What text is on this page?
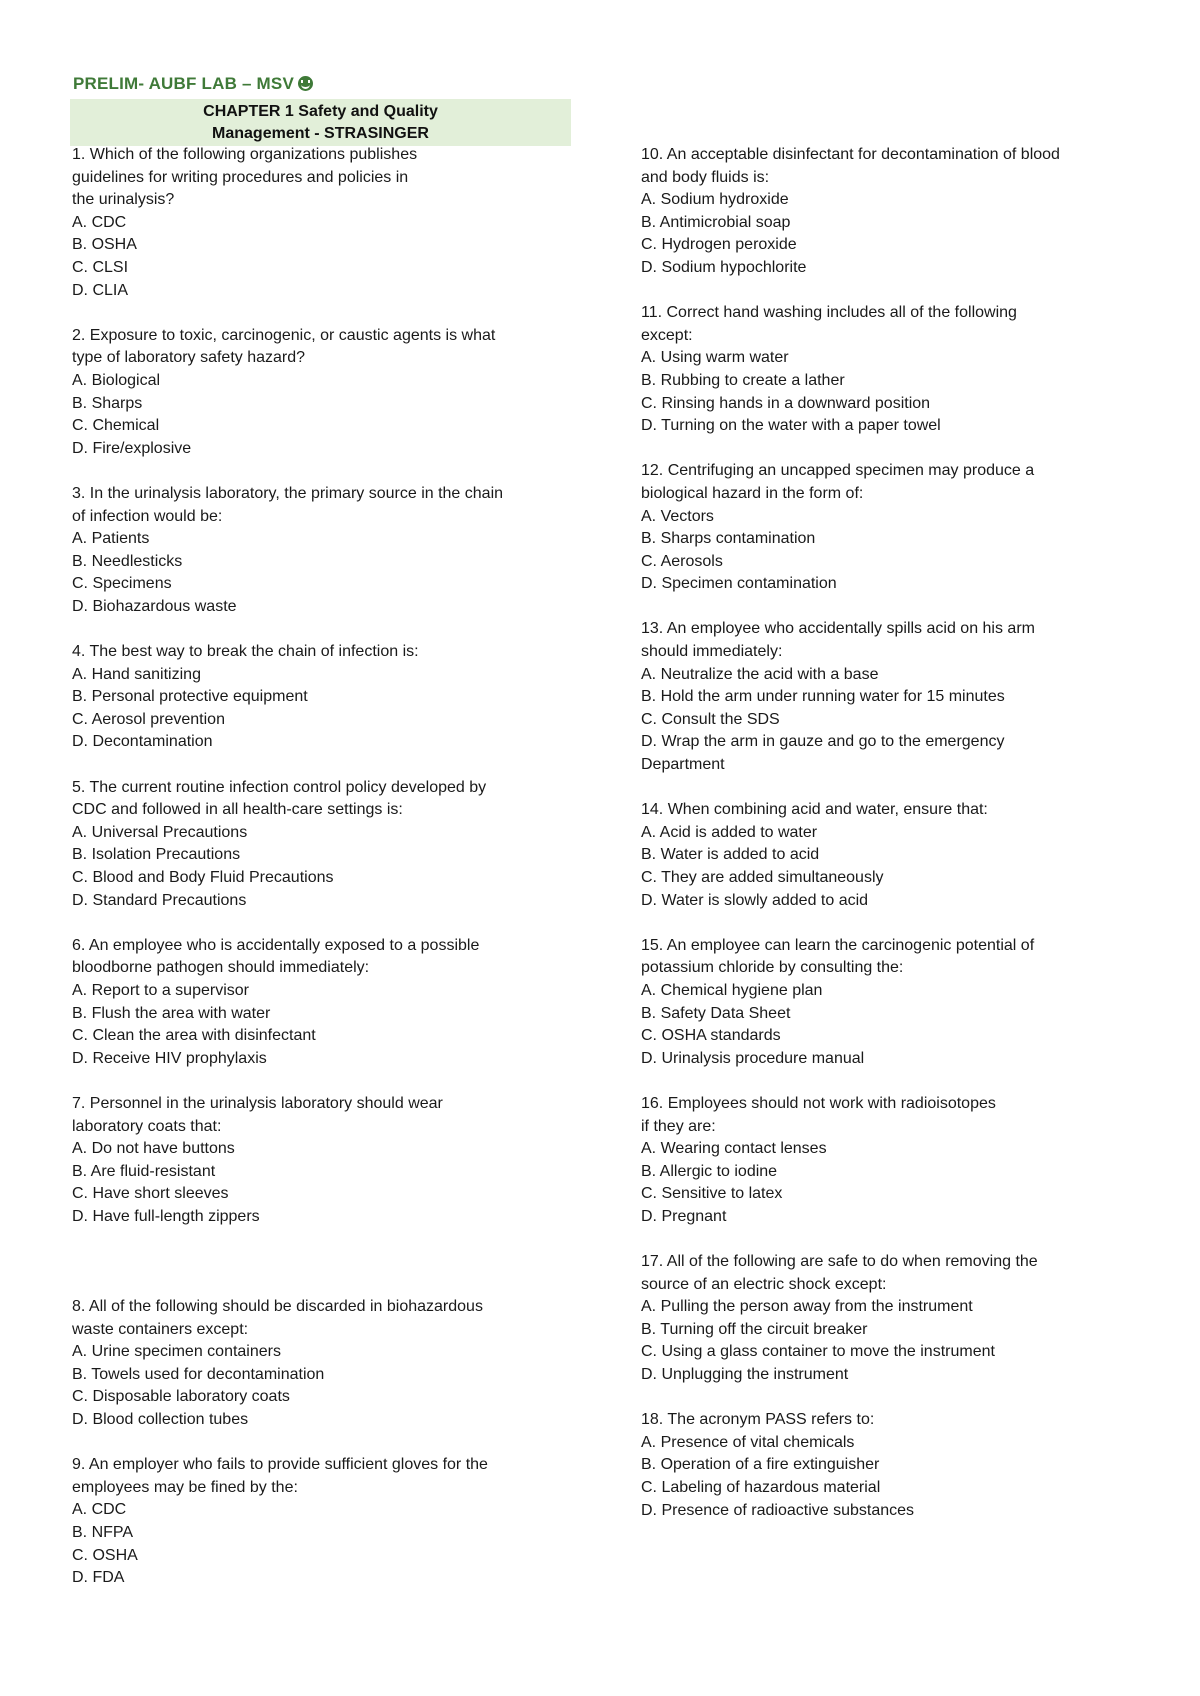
PRELIM- AUBF LAB – MSV
CHAPTER 1 Safety and Quality
Management - STRASINGER

1. Which of the following organizations publishes

guidelines for writing procedures and policies in

the urinalysis?

A. CDC

B. OSHA

C. CLSI

D. CLIA

2. Exposure to toxic, carcinogenic, or caustic agents is what

type of laboratory safety hazard?

A. Biological

B. Sharps

C. Chemical

D. Fire/explosive

3. In the urinalysis laboratory, the primary source in the chain

of infection would be:

A. Patients

B. Needlesticks

C. Specimens

D. Biohazardous waste

4. The best way to break the chain of infection is:

A. Hand sanitizing

B. Personal protective equipment

C. Aerosol prevention

D. Decontamination

5. The current routine infection control policy developed by

CDC and followed in all health-care settings is:

A. Universal Precautions

B. Isolation Precautions

C. Blood and Body Fluid Precautions

D. Standard Precautions

6. An employee who is accidentally exposed to a possible

bloodborne pathogen should immediately:

A. Report to a supervisor

B. Flush the area with water

C. Clean the area with disinfectant

D. Receive HIV prophylaxis

7. Personnel in the urinalysis laboratory should wear

laboratory coats that:

A. Do not have buttons

B. Are fluid-resistant

C. Have short sleeves

D. Have full-length zippers

8. All of the following should be discarded in biohazardous

waste containers except:

A. Urine specimen containers

B. Towels used for decontamination

C. Disposable laboratory coats

D. Blood collection tubes

9. An employer who fails to provide sufficient gloves for the

employees may be fined by the:

A. CDC

B. NFPA

C. OSHA

D. FDA

10. An acceptable disinfectant for decontamination of blood

and body fluids is:

A. Sodium hydroxide

B. Antimicrobial soap

C. Hydrogen peroxide

D. Sodium hypochlorite

11. Correct hand washing includes all of the following

except:

A. Using warm water

B. Rubbing to create a lather

C. Rinsing hands in a downward position

D. Turning on the water with a paper towel

12. Centrifuging an uncapped specimen may produce a

biological hazard in the form of:

A. Vectors

B. Sharps contamination

C. Aerosols

D. Specimen contamination

13. An employee who accidentally spills acid on his arm

should immediately:

A. Neutralize the acid with a base

B. Hold the arm under running water for 15 minutes

C. Consult the SDS

D. Wrap the arm in gauze and go to the emergency

Department

14. When combining acid and water, ensure that:

A. Acid is added to water

B. Water is added to acid

C. They are added simultaneously

D. Water is slowly added to acid

15. An employee can learn the carcinogenic potential of

potassium chloride by consulting the:

A. Chemical hygiene plan

B. Safety Data Sheet

C. OSHA standards

D. Urinalysis procedure manual

16. Employees should not work with radioisotopes

if they are:

A. Wearing contact lenses

B. Allergic to iodine

C. Sensitive to latex

D. Pregnant

17. All of the following are safe to do when removing the

source of an electric shock except:

A. Pulling the person away from the instrument

B. Turning off the circuit breaker

C. Using a glass container to move the instrument

D. Unplugging the instrument

18. The acronym PASS refers to:

A. Presence of vital chemicals

B. Operation of a fire extinguisher

C. Labeling of hazardous material

D. Presence of radioactive substances
